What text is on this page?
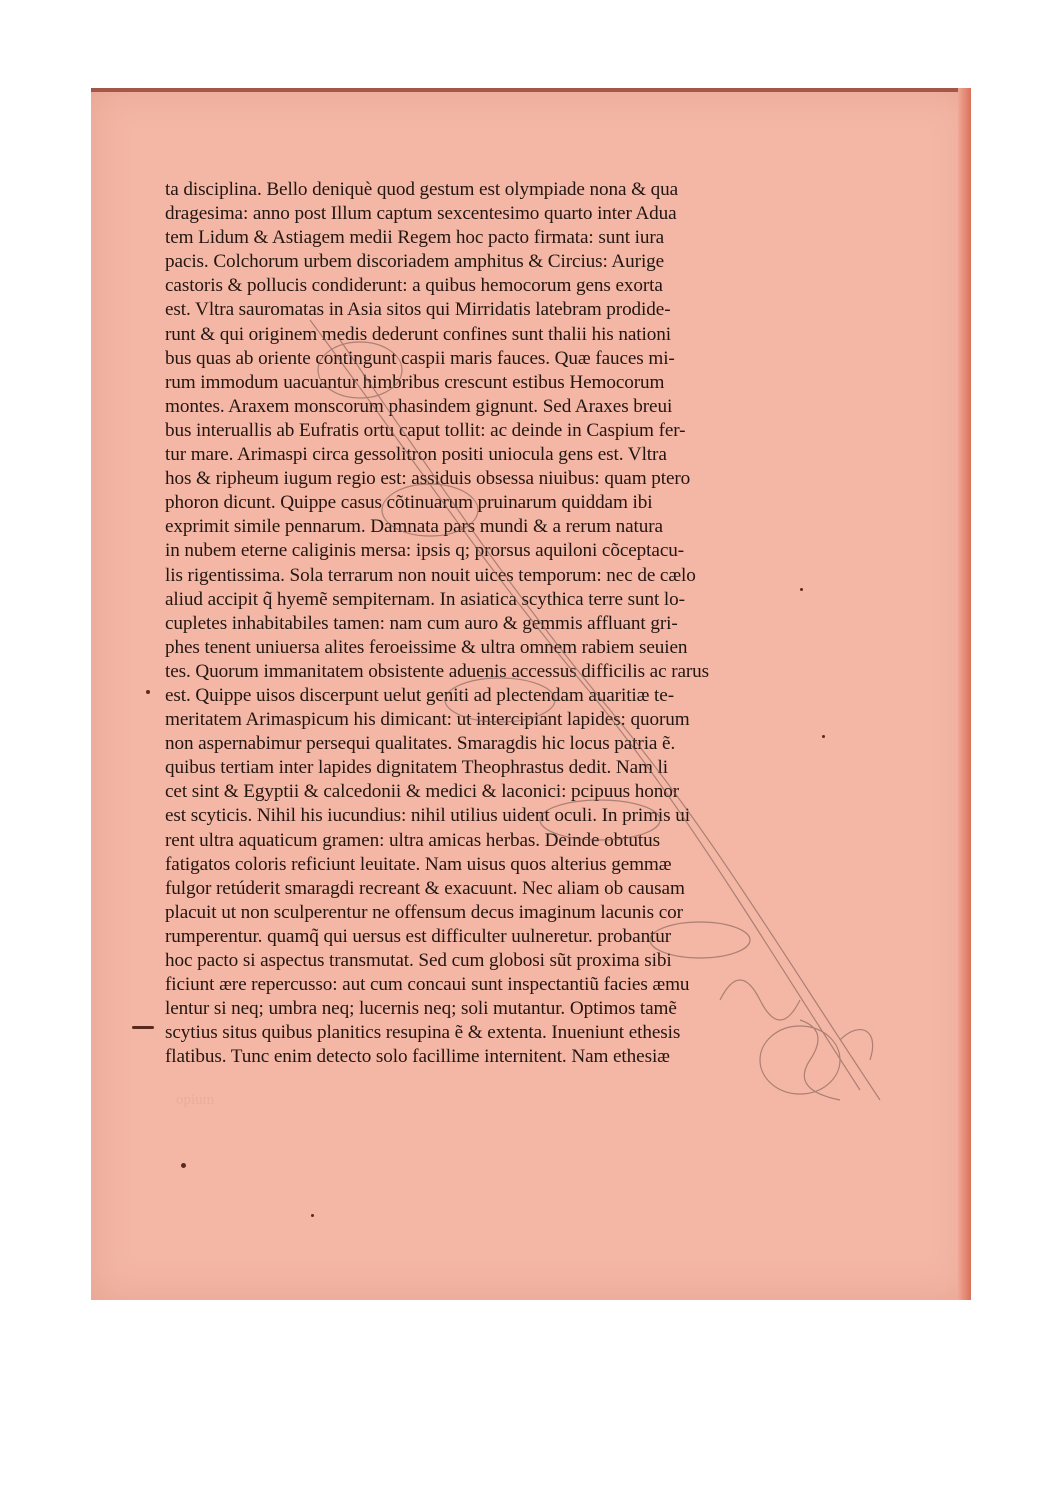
ta disciplina. Bello deniquè quod gestum est olympiade nona & qua
dragesima: anno post Illum captum sexcentesimo quarto inter Adua
tem Lidum & Astiagem medii Regem hoc pacto firmata: sunt iura
pacis. Colchorum urbem discoriadem amphitus & Circius: Aurige
castoris & pollucis condiderunt: a quibus hemocorum gens exorta
est. Vltra sauromatas in Asia sitos qui Mirridatis latebram prodide-
runt & qui originem medis dederunt confines sunt thalii his nationi
bus quas ab oriente contingunt caspii maris fauces. Quæ fauces mi-
rum immodum uacuantur himbribus crescunt estibus Hemocorum
montes. Araxem monscorum phasindem gignunt. Sed Araxes breui
bus interuallis ab Eufratis ortu caput tollit: ac deinde in Caspium fer-
tur mare. Arimaspi circa gessolitron positi uniocula gens est. Vltra
hos & ripheum iugum regio est: assiduis obsessa niuibus: quam ptero
phoron dicunt. Quippe casus cõtinuarum pruinarum quiddam ibi
exprimit simile pennarum. Damnata pars mundi & a rerum natura
in nubem eterne caliginis mersa: ipsis q; prorsus aquiloni cõceptacu-
lis rigentissima. Sola terrarum non nouit uices temporum: nec de cælo
aliud accipit q̃ hyemẽ sempiternam. In asiatica scythica terre sunt lo-
cupletes inhabitabiles tamen: nam cum auro & gemmis affluant gri-
phes tenent uniuersa alites feroeissime & ultra omnem rabiem seuien
tes. Quorum immanitatem obsistente aduenis accessus difficilis ac rarus
est. Quippe uisos discerpunt uelut geniti ad plectendam auaritiæ te-
meritatem Arimaspicum his dimicant: ut intercipiant lapides: quorum
non aspernabimur persequi qualitates. Smaragdis hic locus patria ẽ.
quibus tertiam inter lapides dignitatem Theophrastus dedit. Nam li
cet sint & Egyptii & calcedonii & medici & laconici: pcipuus honor
est scyticis. Nihil his iucundius: nihil utilius uident oculi. In primis ui
rent ultra aquaticum gramen: ultra amicas herbas. Deinde obtutus
fatigatos coloris reficiunt leuitate. Nam uisus quos alterius gemmæ
fulgor retúderit smaragdi recreant & exacuunt. Nec aliam ob causam
placuit ut non sculperentur ne offensum decus imaginum lacunis cor
rumperentur. quamq̃ qui uersus est difficulter uulneretur. probantur
hoc pacto si aspectus transmutat. Sed cum globosi sũt proxima sibi
ficiunt ære repercusso: aut cum concaui sunt inspectantiũ facies æmu
lentur si neq; umbra neq; lucernis neq; soli mutantur. Optimos tamẽ
scytius situs quibus planitics resupina ẽ & extenta. Inueniunt ethesis
flatibus. Tunc enim detecto solo facillime internitent. Nam ethesiæ
opium
